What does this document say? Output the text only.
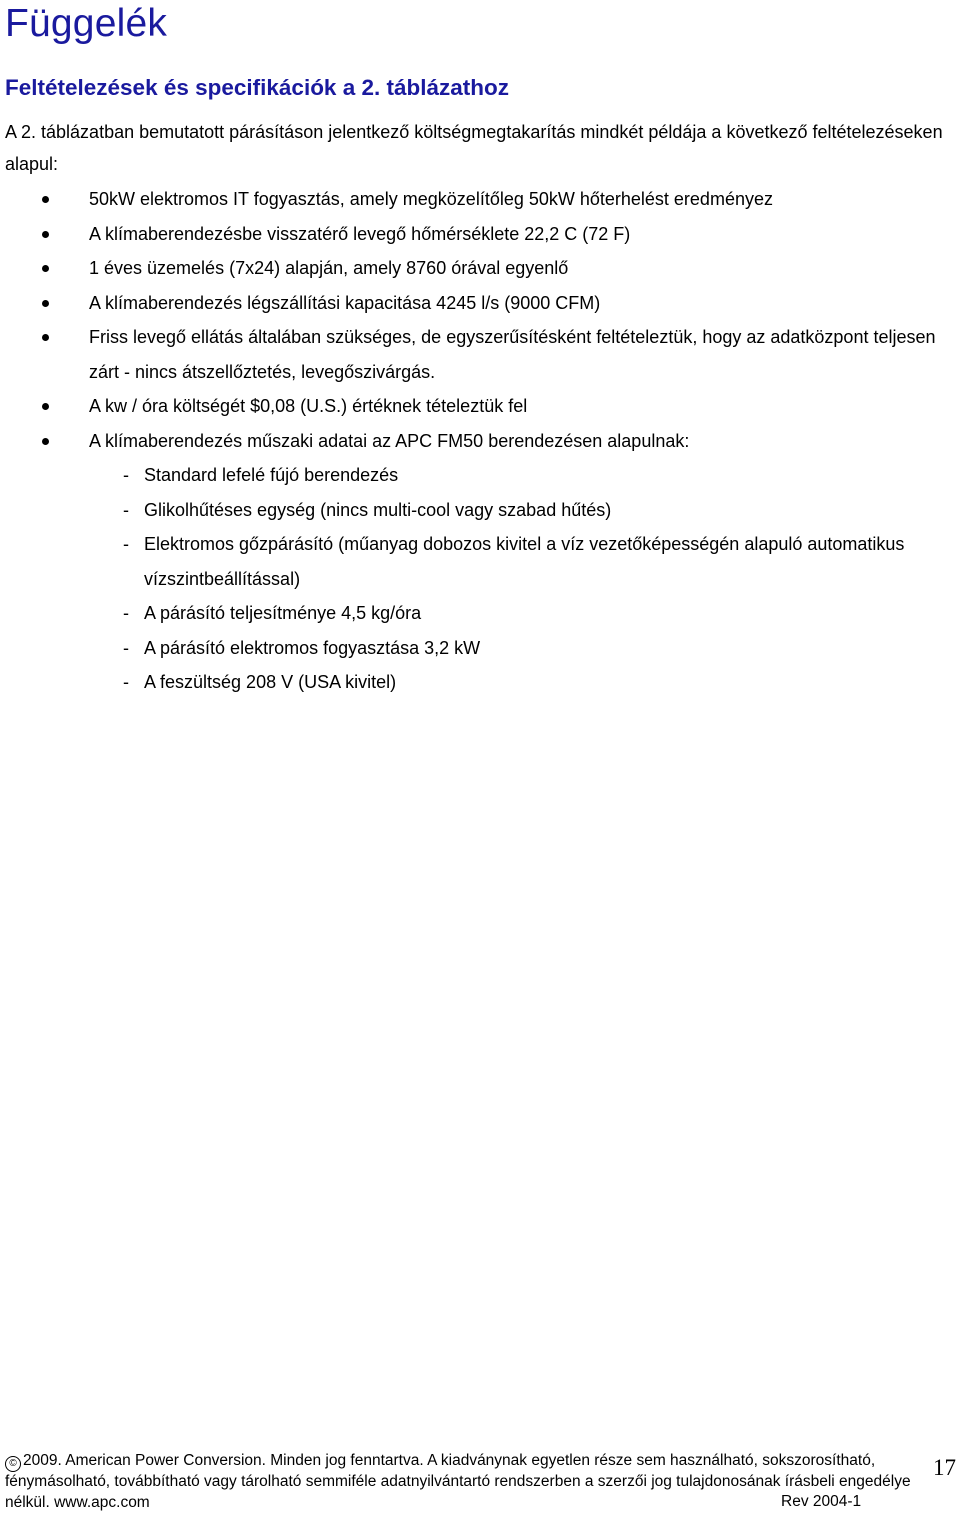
Függelék
Feltételezések és specifikációk a 2. táblázathoz

A 2. táblázatban bemutatott párásításon jelentkező költségmegtakarítás mindkét példája a következő feltételezéseken alapul:

50kW elektromos IT fogyasztás, amely megközelítőleg 50kW hőterhelést eredményez
A klímaberendezésbe visszatérő levegő hőmérséklete 22,2 C (72 F)
1 éves üzemelés (7x24) alapján, amely 8760 órával egyenlő
A klímaberendezés légszállítási kapacitása 4245 l/s (9000 CFM)
Friss levegő ellátás általában szükséges, de egyszerűsítésként feltételeztük, hogy az adatközpont teljesen zárt - nincs átszellőztetés, levegőszivárgás.
A kw / óra költségét $0,08 (U.S.) értéknek tételeztük fel
A klímaberendezés műszaki adatai az APC FM50 berendezésen alapulnak:
- Standard lefelé fújó berendezés
- Glikolhűtéses egység (nincs multi-cool vagy szabad hűtés)
- Elektromos gőzpárásító (műanyag dobozos kivitel a víz vezetőképességén alapuló automatikus vízszintbeállítással)
- A párásító teljesítménye 4,5 kg/óra
- A párásító elektromos fogyasztása 3,2 kW
- A feszültség 208 V (USA kivitel)
© 2009. American Power Conversion. Minden jog fenntartva. A kiadványnak egyetlen része sem használható, sokszorosítható,
fénymásolható, továbbítható vagy tárolható semmiféle adatnyilvántartó rendszerben a szerzői jog tulajdonosának írásbeli engedélye
nélkül. www.apc.com	Rev 2004-1
17
